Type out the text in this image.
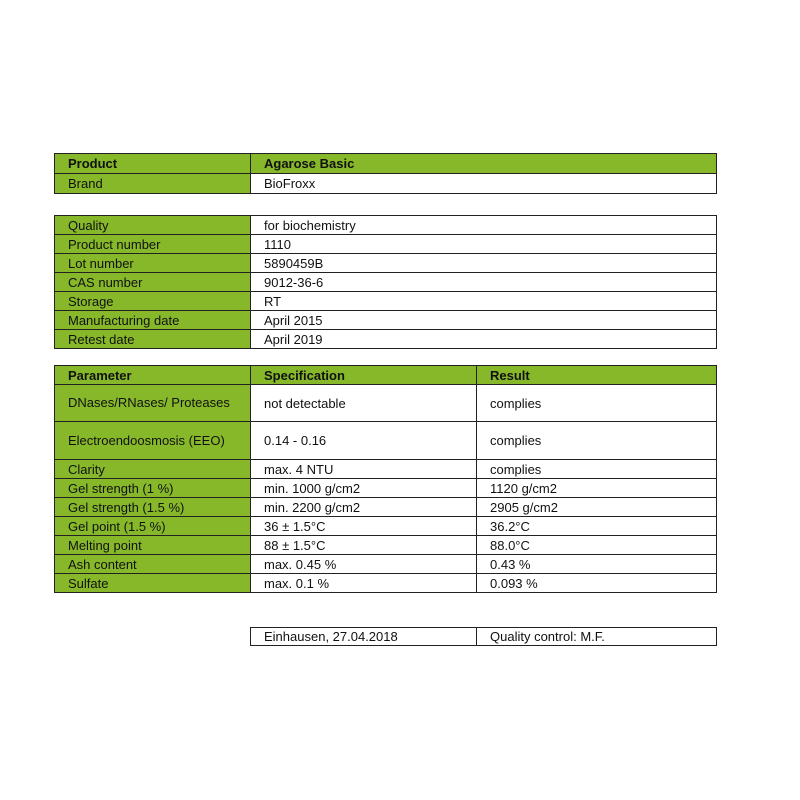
Product	Agarose Basic
Brand	BioFroxx
Quality	for biochemistry
Product number	1110
Lot number	5890459B
CAS number	9012-36-6
Storage	RT
Manufacturing date	April 2015
Retest date	April 2019
Parameter	Specification	Result
DNases/RNases/ Proteases	not detectable	complies
Electroendoosmosis (EEO)	0.14 - 0.16	complies
Clarity	max. 4 NTU	complies
Gel strength (1 %)	min. 1000 g/cm2	1120 g/cm2
Gel strength (1.5 %)	min. 2200 g/cm2	2905 g/cm2
Gel point (1.5 %)	36 ± 1.5°C	36.2°C
Melting point	88 ± 1.5°C	88.0°C
Ash content	max. 0.45 %	0.43 %
Sulfate	max. 0.1 %	0.093 %
Einhausen, 27.04.2018	Quality control: M.F.
